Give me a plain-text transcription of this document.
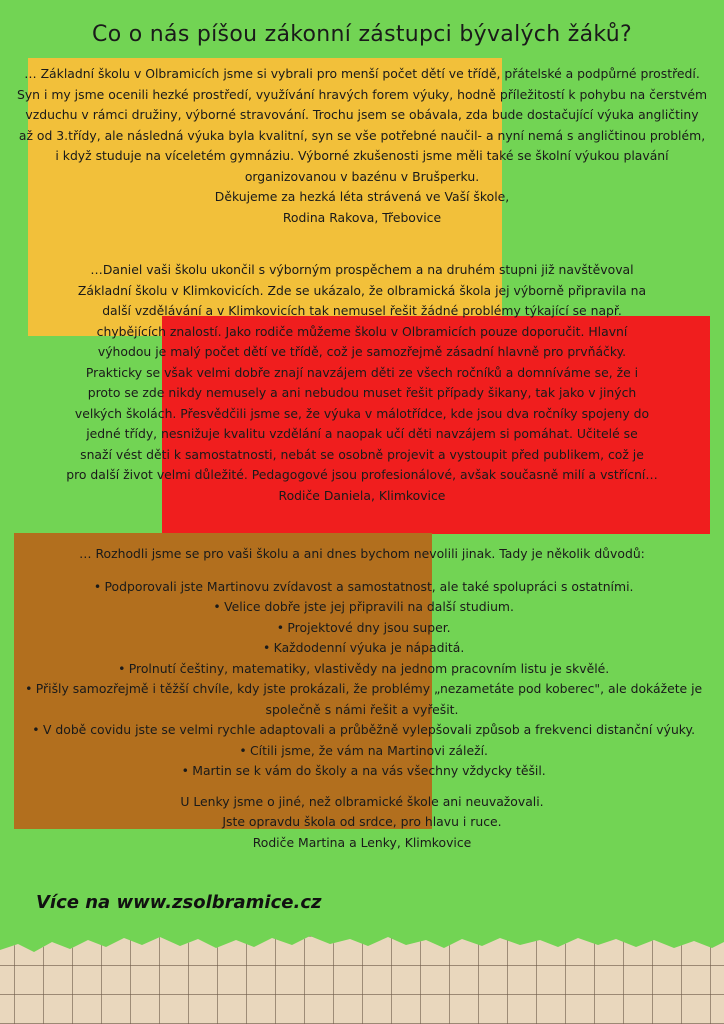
Co o nás píšou zákonní zástupci bývalých žáků?
… Základní školu v Olbramicích jsme si vybrali pro menší počet dětí ve třídě, přátelské a podpůrné prostředí.
Syn i my jsme ocenili hezké prostředí, využívání hravých forem výuky, hodně příležitostí k pohybu na čerstvém
vzduchu v rámci družiny, výborné stravování. Trochu jsem se obávala, zda bude dostačující výuka angličtiny
až od 3.třídy, ale následná výuka byla kvalitní, syn se vše potřebné naučil- a nyní nemá s angličtinou problém,
i když studuje na víceletém gymnáziu. Výborné zkušenosti jsme měli také se školní výukou plavání
organizovanou v bazénu v Brušperku.
Děkujeme za hezká léta strávená ve Vaší škole,
Rodina Rakova, Třebovice
…Daniel vaši školu ukončil s výborným prospěchem a na druhém stupni již navštěvoval
Základní školu v Klimkovicích. Zde se ukázalo, že olbramická škola jej výborně připravila na
další vzdělávání a v Klimkovicích tak nemusel řešit žádné problémy týkající se např.
chybějících znalostí. Jako rodiče můžeme školu v Olbramicích pouze doporučit. Hlavní
výhodou je malý počet dětí ve třídě, což je samozřejmě zásadní hlavně pro prvňáčky.
Prakticky se však velmi dobře znají navzájem děti ze všech ročníků a domníváme se, že i
proto se zde nikdy nemusely a ani nebudou muset řešit případy šikany, tak jako v jiných
velkých školách. Přesvědčili jsme se, že výuka v málotřídce, kde jsou dva ročníky spojeny do
jedné třídy, nesnižuje kvalitu vzdělání a naopak učí děti navzájem si pomáhat. Učitelé se
snaží vést děti k samostatnosti, nebát se osobně projevit a vystoupit před publikem, což je
pro další život velmi důležité. Pedagogové jsou profesionálové, avšak současně milí a vstřícní…
Rodiče Daniela, Klimkovice
… Rozhodli jsme se pro vaši školu a ani dnes bychom nevolili jinak. Tady je několik důvodů:
• Podporovali jste Martinovu zvídavost a samostatnost, ale také spolupráci s ostatními.
• Velice dobře jste jej připravili na další studium.
• Projektové dny jsou super.
• Každodenní výuka je nápaditá.
• Prolnutí češtiny, matematiky, vlastivědy na jednom pracovním listu je skvělé.
• Přišly samozřejmě i těžší chvíle, kdy jste prokázali, že problémy „nezametáte pod koberec", ale dokážete je společně s námi řešit a vyřešit.
• V době covidu jste se velmi rychle adaptovali a průběžně vylepšovali způsob a frekvenci distanční výuky.
• Cítili jsme, že vám na Martinovi záleží.
• Martin se k vám do školy a na vás všechny vždycky těšil.
U Lenky jsme o jiné, než olbramické škole ani neuvažovali.
Jste opravdu škola od srdce, pro hlavu i ruce.
Rodiče Martina a Lenky, Klimkovice

Více na www.zsolbramice.cz
